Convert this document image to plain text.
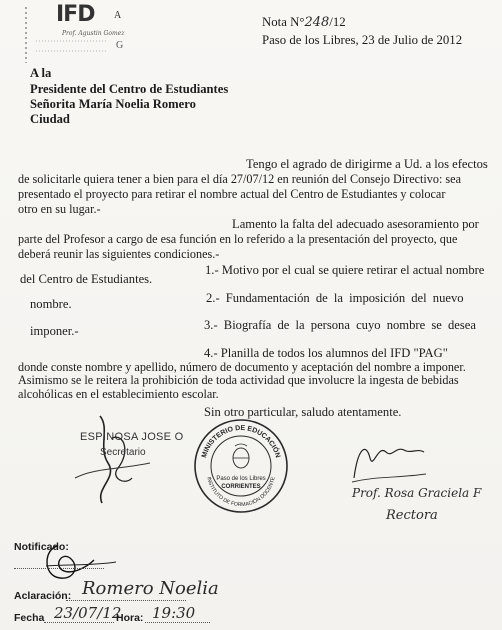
IFD A
Prof. Agustin Gomez
G
Nota N°248/12
Paso de los Libres, 23 de Julio de 2012
A la
Presidente del Centro de Estudiantes
Señorita María Noelia Romero
Ciudad
Tengo el agrado de dirigirme a Ud. a los efectos
de solicitarle quiera tener a bien para el día 27/07/12 en reunión del Consejo Directivo: sea
presentado el proyecto para retirar el nombre actual del Centro de Estudiantes y colocar
otro en su lugar.-
Lamento la falta del adecuado asesoramiento por
parte del Profesor a cargo de esa función en lo referido a la presentación del proyecto, que
deberá reunir las siguientes condiciones.-
1.- Motivo por el cual se quiere retirar el actual nombre
del Centro de Estudiantes.
2.- Fundamentación de la imposición del nuevo
nombre.
3.- Biografía de la persona cuyo nombre se desea
imponer.-
4.- Planilla de todos los alumnos del IFD "PAG"
donde conste nombre y apellido, número de documento y aceptación del nombre a imponer.
Asimismo se le reitera la prohibición de toda actividad que involucre la ingesta de bebidas
alcohólicas en el establecimiento escolar.
Sin otro particular, saludo atentamente.
ESPINOSA JOSE O
Secretario	MINISTERIO DE EDUCACIÓN
INSTITUTO DE FORMACIÓN DOCENTE
Paso de los Libres
CORRIENTES	Prof. Rosa Graciela F
Rectora
Notificado:
Aclaración: Romero Noelia
Fecha 23/07/12
Hora: 19:30
